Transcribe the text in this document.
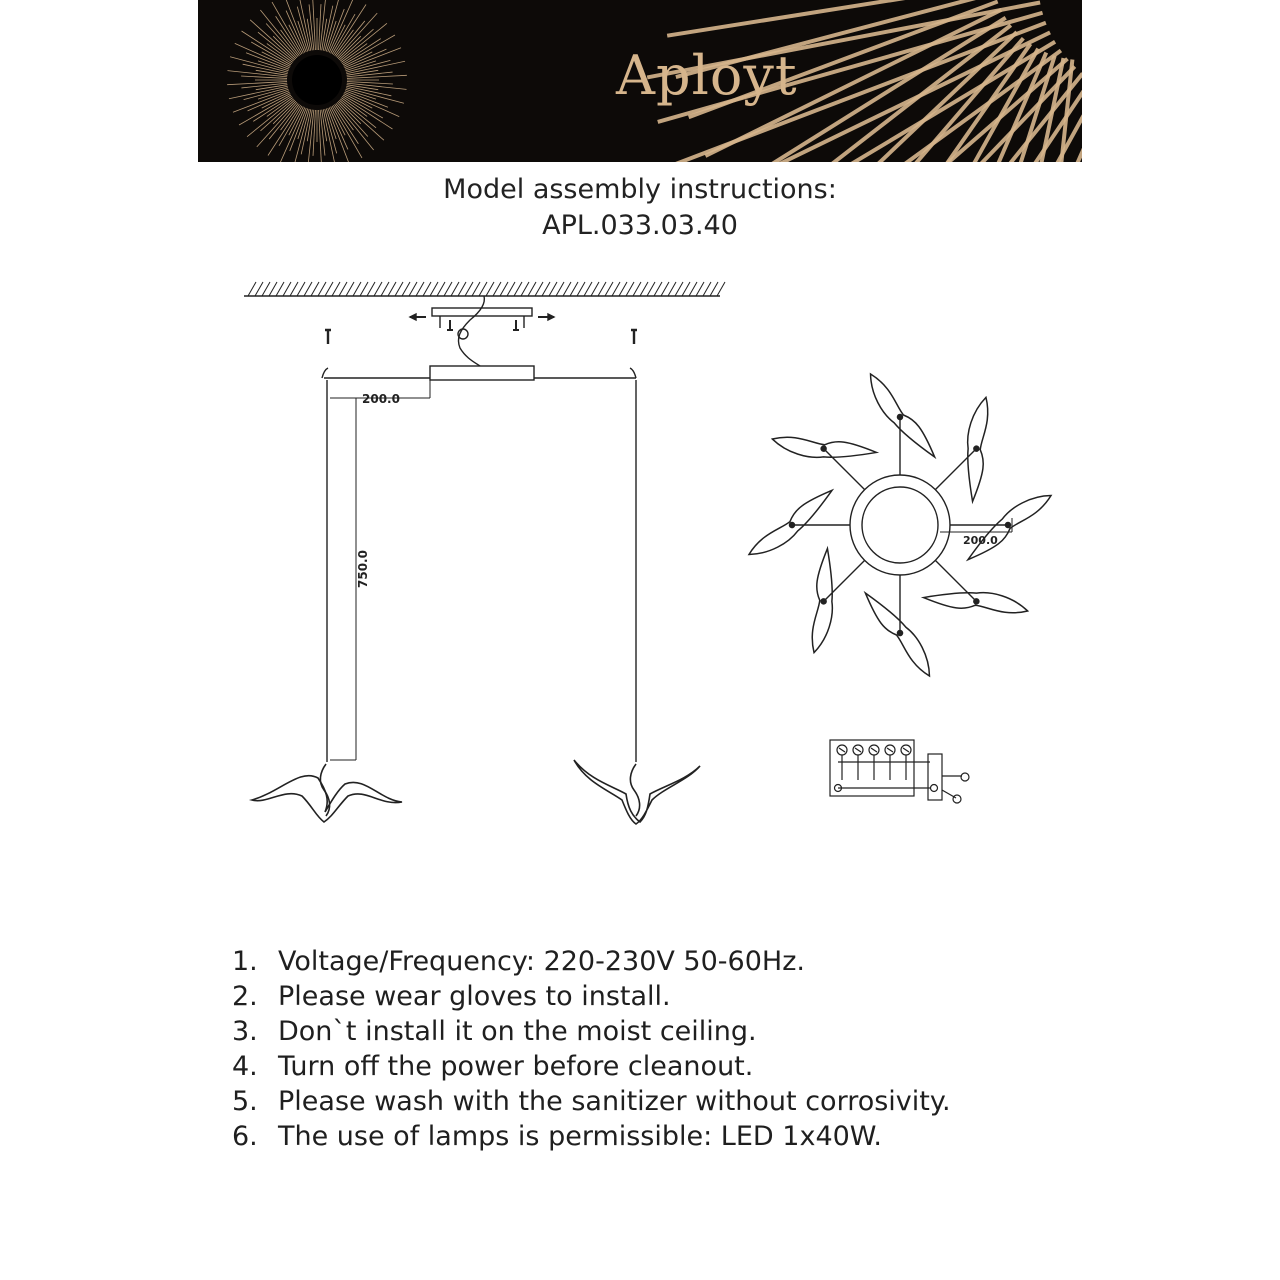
Aployt
Model assembly instructions:
APL.033.03.40
200.0
750.0
200.0
1. Voltage/Frequency: 220-230V 50-60Hz.
2. Please wear gloves to install.
3. Don`t install it on the moist ceiling.
4. Turn off the power before cleanout.
5. Please wash with the sanitizer without corrosivity.
6. The use of lamps is permissible: LED 1x40W.
